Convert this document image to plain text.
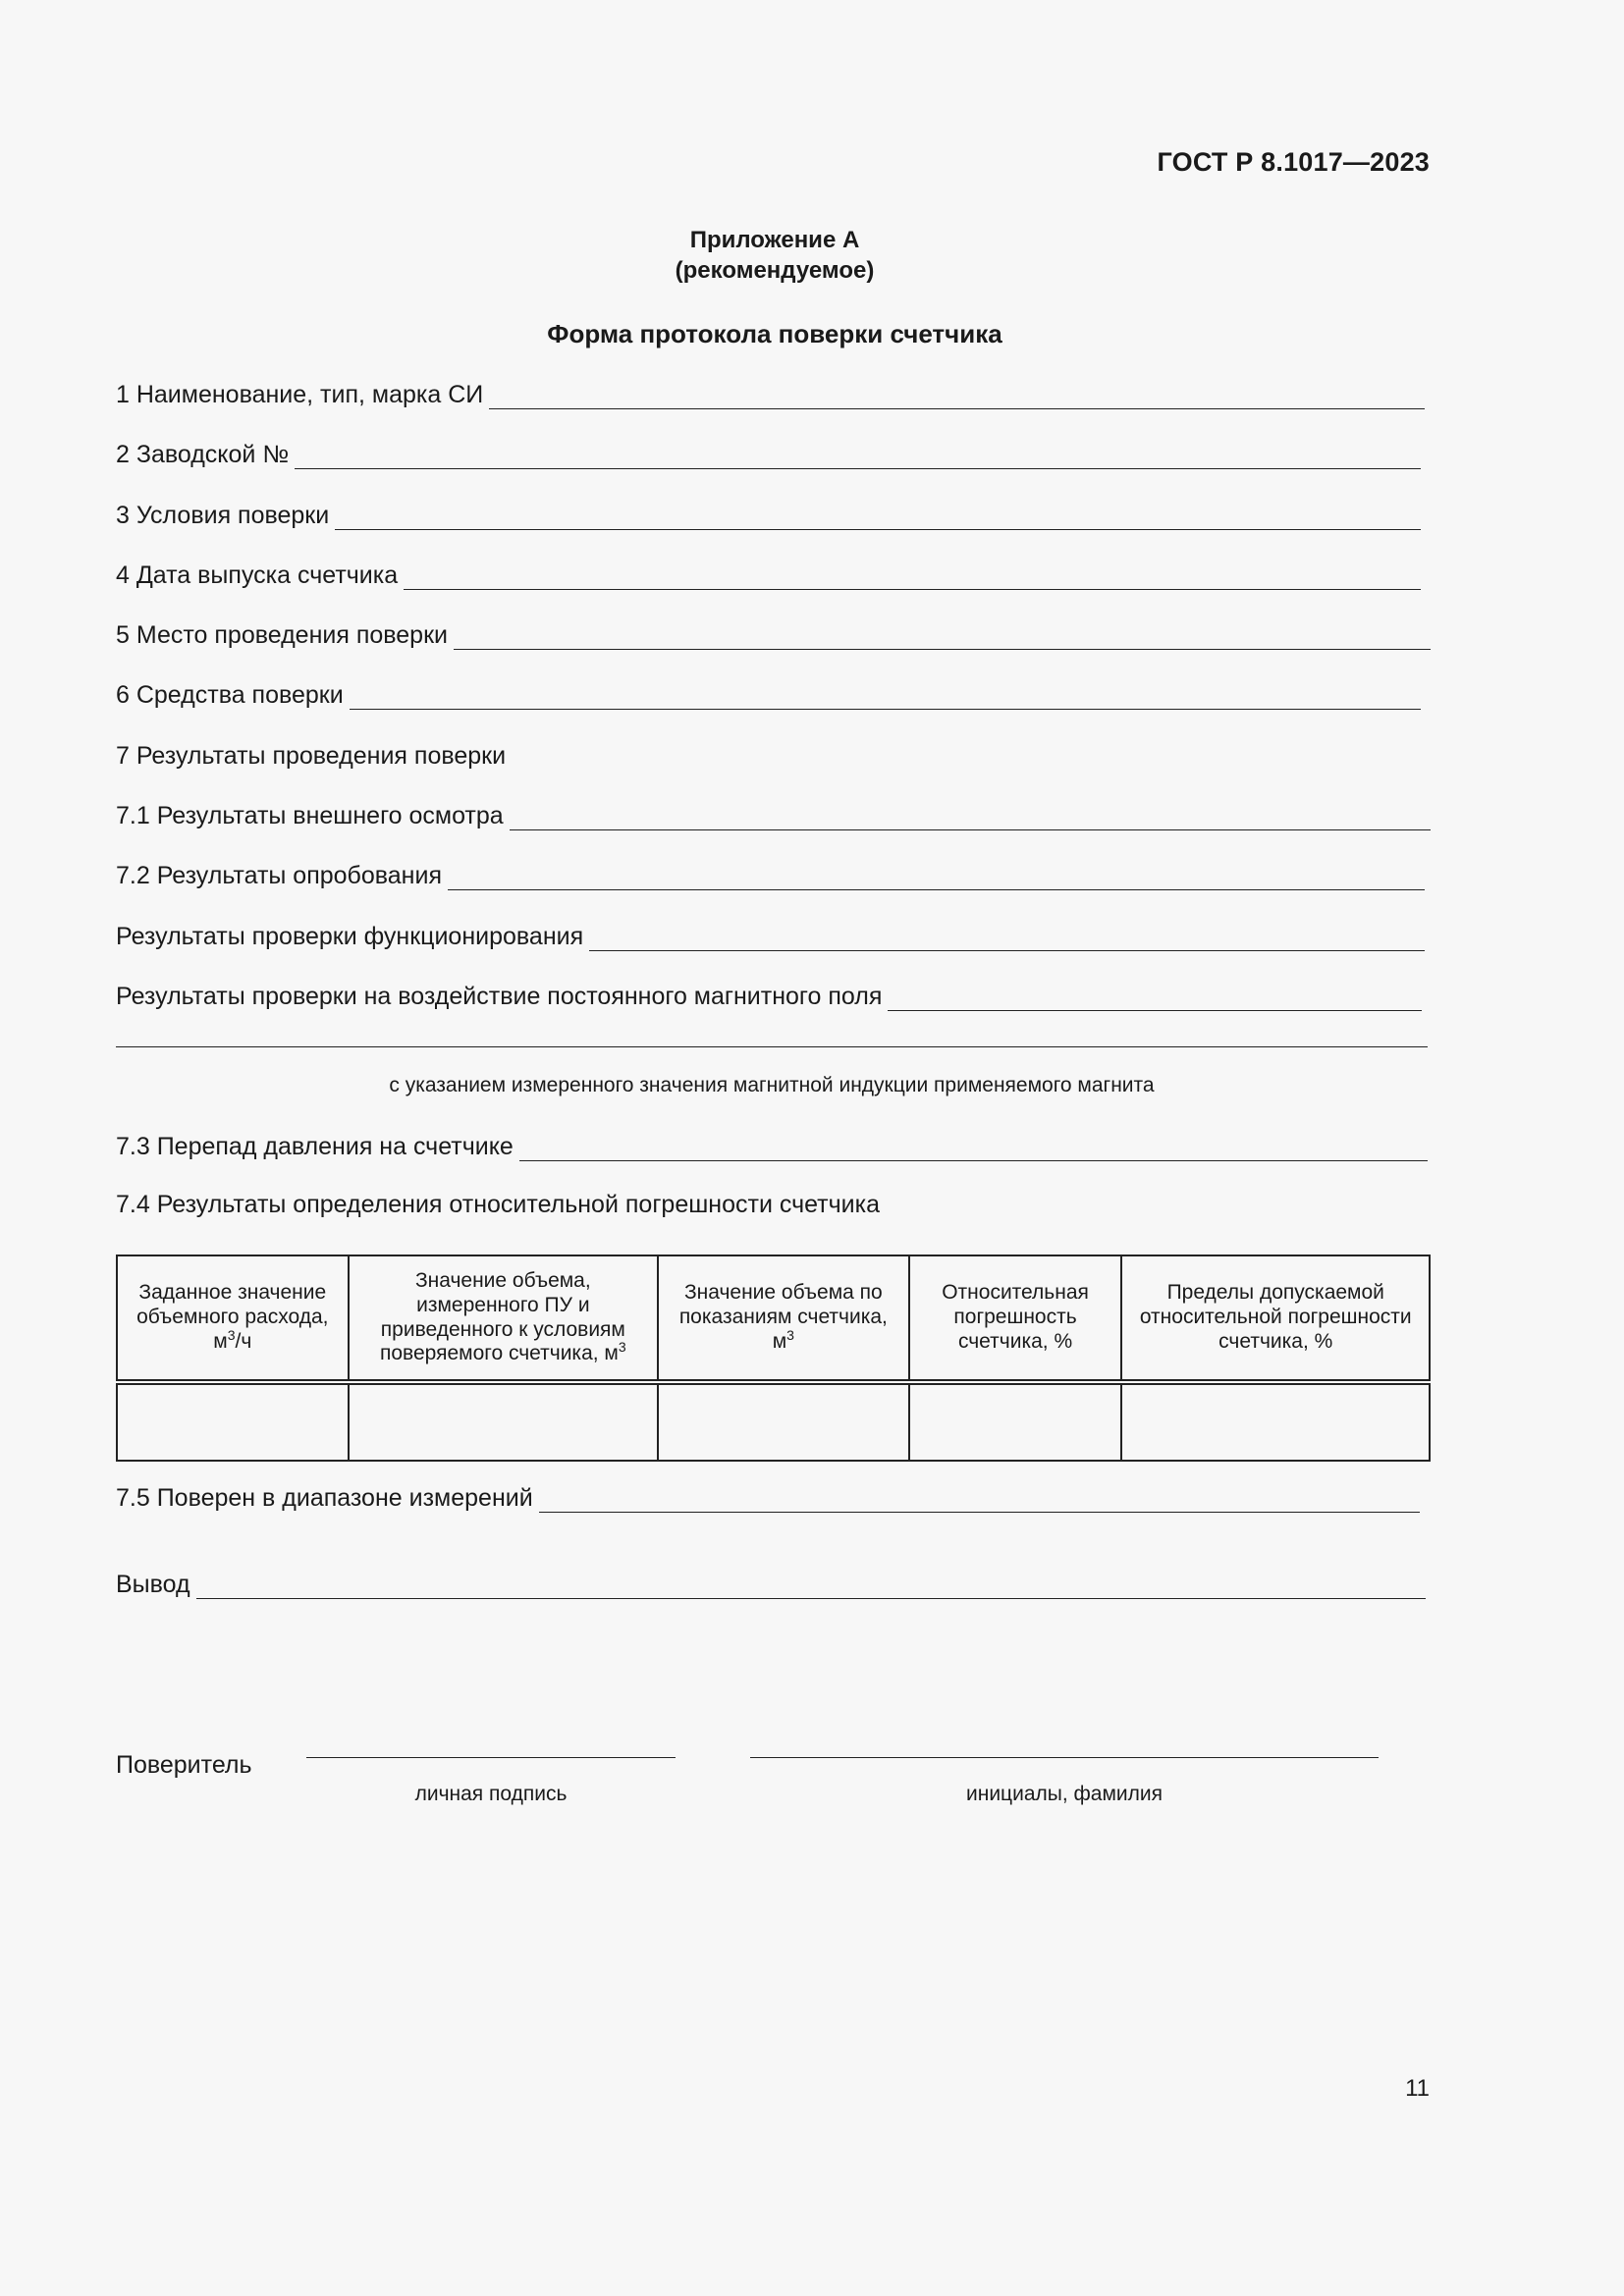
ГОСТ Р 8.1017—2023
Приложение А
(рекомендуемое)
Форма протокола поверки счетчика
1 Наименование, тип, марка СИ
2 Заводской №
3 Условия поверки
4 Дата выпуска счетчика
5 Место проведения поверки
6 Средства поверки
7 Результаты проведения поверки
7.1 Результаты внешнего осмотра
7.2 Результаты опробования
Результаты проверки функционирования
Результаты проверки на воздействие постоянного магнитного поля
с указанием измеренного значения магнитной индукции применяемого магнита
7.3 Перепад давления на счетчике
7.4 Результаты определения относительной погрешности счетчика
Заданное значение объемного расхода, $м^3/ч$	Значение объема, измеренного ПУ и приведенного к условиям поверяемого счетчика, $м^3$	Значение объема по показаниям счетчика, $м^3$	Относительная погрешность счетчика, %	Пределы допускаемой относительной погрешности счетчика, %

7.5 Поверен в диапазоне измерений
Вывод
Поверитель
личная подпись	инициалы, фамилия
11
